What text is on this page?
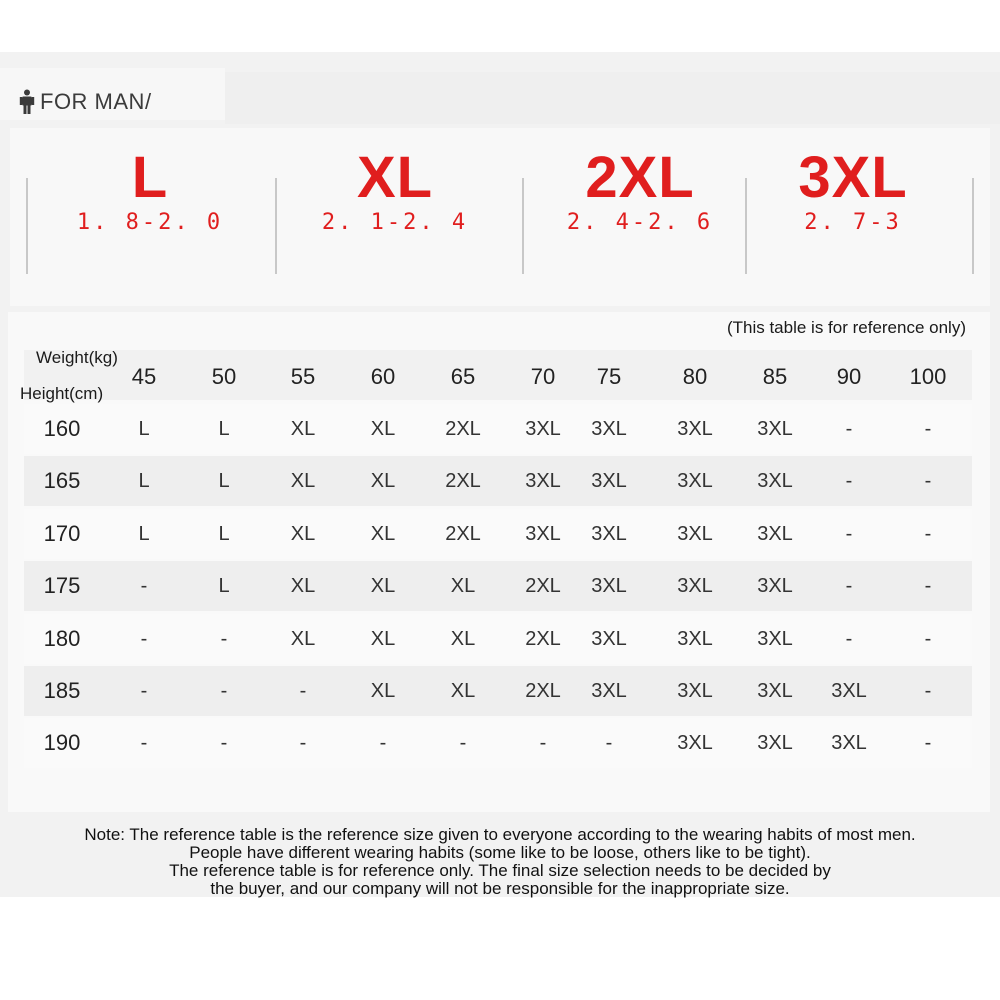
FOR MAN/
L
1. 8-2. 0
XL
2. 1-2. 4
2XL
2. 4-2. 6
3XL
2. 7-3
(This table is for reference only)
Weight(kg)
Height(cm)
45	50	55	60	65	70	75	80	85	90	100
160	L	L	XL	XL	2XL	3XL	3XL	3XL	3XL	-	-
165	L	L	XL	XL	2XL	3XL	3XL	3XL	3XL	-	-
170	L	L	XL	XL	2XL	3XL	3XL	3XL	3XL	-	-
175	-	L	XL	XL	XL	2XL	3XL	3XL	3XL	-	-
180	-	-	XL	XL	XL	2XL	3XL	3XL	3XL	-	-
185	-	-	-	XL	XL	2XL	3XL	3XL	3XL	3XL	-
190	-	-	-	-	-	-	-	3XL	3XL	3XL	-
Note: The reference table is the reference size given to everyone according to the wearing habits of most men.
People have different wearing habits (some like to be loose, others like to be tight).
The reference table is for reference only. The final size selection needs to be decided by
the buyer, and our company will not be responsible for the inappropriate size.
